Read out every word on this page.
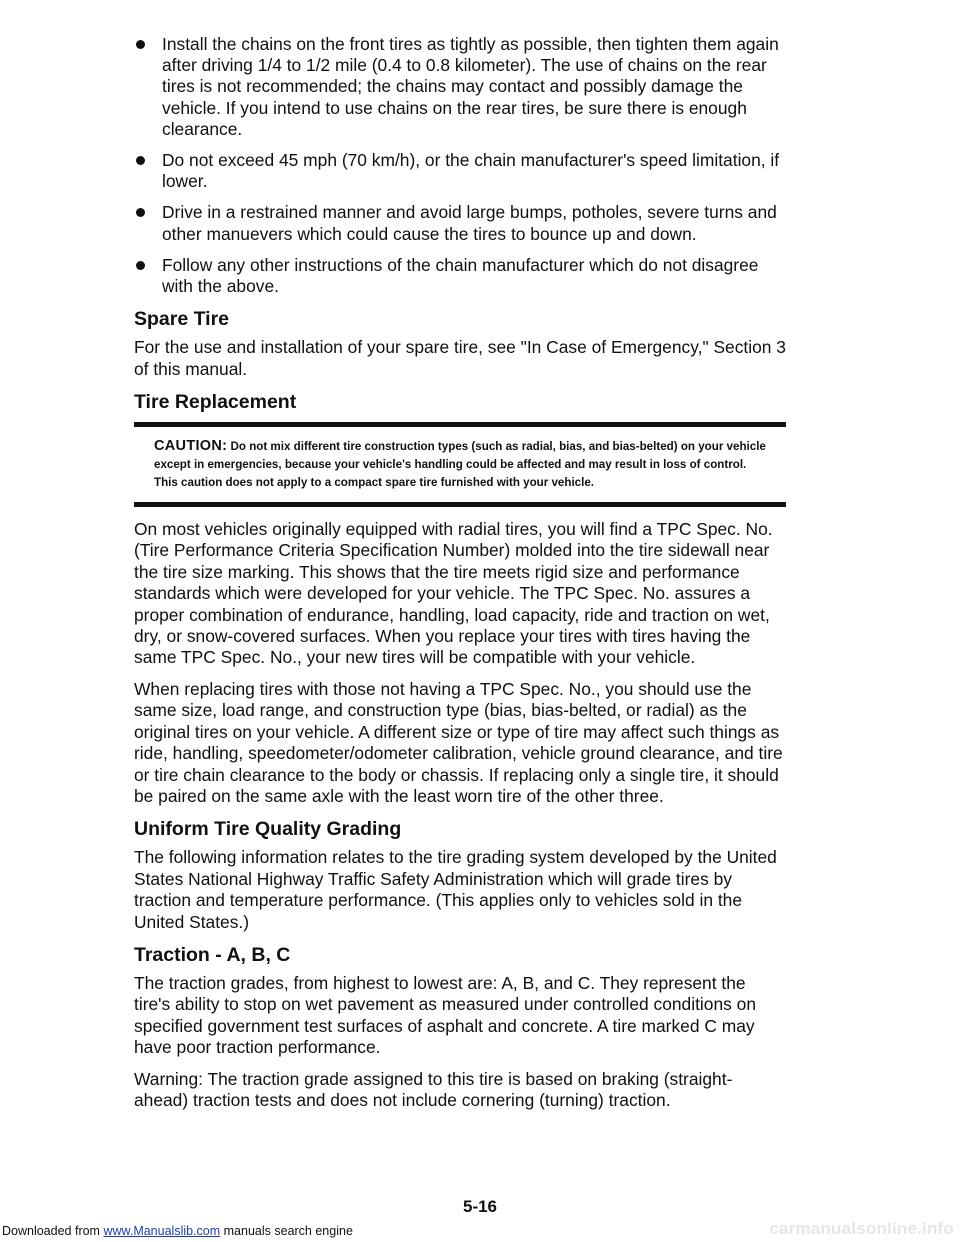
Install the chains on the front tires as tightly as possible, then tighten them again after driving 1/4 to 1/2 mile (0.4 to 0.8 kilometer). The use of chains on the rear tires is not recommended; the chains may contact and possibly damage the vehicle. If you intend to use chains on the rear tires, be sure there is enough clearance.
Do not exceed 45 mph (70 km/h), or the chain manufacturer's speed limitation, if lower.
Drive in a restrained manner and avoid large bumps, potholes, severe turns and other manuevers which could cause the tires to bounce up and down.
Follow any other instructions of the chain manufacturer which do not disagree with the above.
Spare Tire

For the use and installation of your spare tire, see "In Case of Emergency," Section 3 of this manual.

Tire Replacement

CAUTION: Do not mix different tire construction types (such as radial, bias, and bias-belted) on your vehicle except in emergencies, because your vehicle's handling could be affected and may result in loss of control. This caution does not apply to a compact spare tire furnished with your vehicle.

On most vehicles originally equipped with radial tires, you will find a TPC Spec. No. (Tire Performance Criteria Specification Number) molded into the tire sidewall near the tire size marking. This shows that the tire meets rigid size and performance standards which were developed for your vehicle. The TPC Spec. No. assures a proper combination of endurance, handling, load capacity, ride and traction on wet, dry, or snow-covered surfaces. When you replace your tires with tires having the same TPC Spec. No., your new tires will be compatible with your vehicle.

When replacing tires with those not having a TPC Spec. No., you should use the same size, load range, and construction type (bias, bias-belted, or radial) as the original tires on your vehicle. A different size or type of tire may affect such things as ride, handling, speedometer/odometer calibration, vehicle ground clearance, and tire or tire chain clearance to the body or chassis. If replacing only a single tire, it should be paired on the same axle with the least worn tire of the other three.

Uniform Tire Quality Grading

The following information relates to the tire grading system developed by the United States National Highway Traffic Safety Administration which will grade tires by traction and temperature performance. (This applies only to vehicles sold in the United States.)

Traction - A, B, C

The traction grades, from highest to lowest are: A, B, and C. They represent the tire's ability to stop on wet pavement as measured under controlled conditions on specified government test surfaces of asphalt and concrete. A tire marked C may have poor traction performance.

Warning: The traction grade assigned to this tire is based on braking (straight-ahead) traction tests and does not include cornering (turning) traction.

5-16
Downloaded from www.Manualslib.com manuals search engine	carmanualsonline.info
